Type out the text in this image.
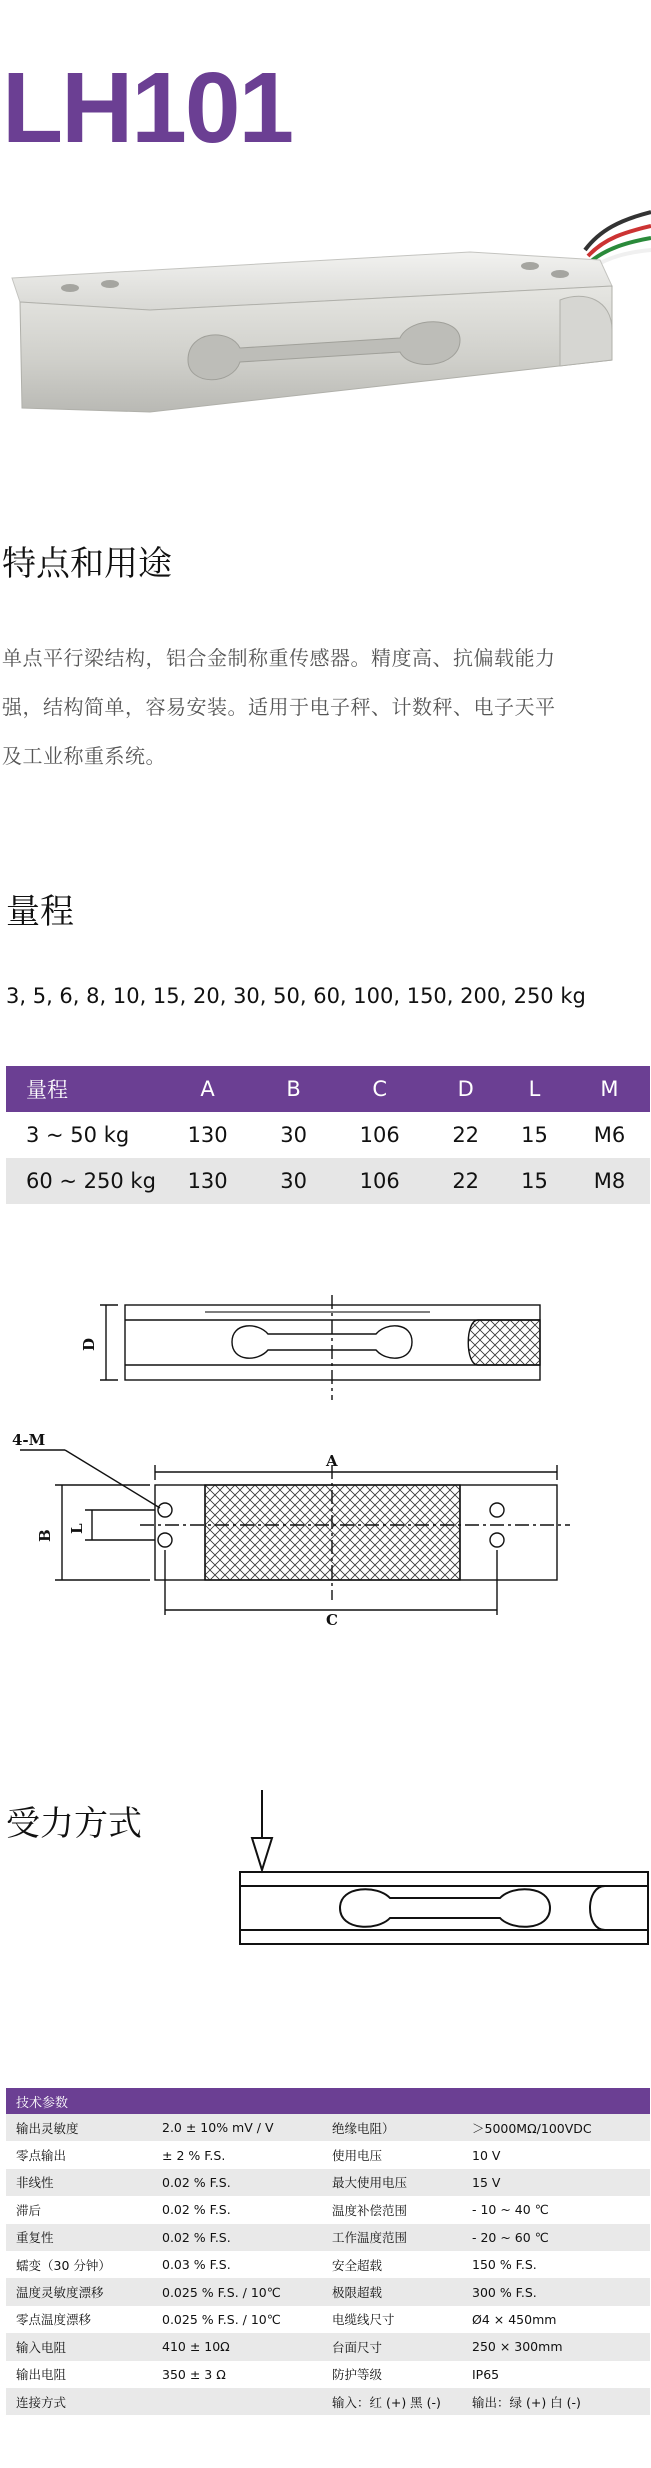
LH101
特点和用途
单点平行梁结构，铝合金制称重传感器。精度高、抗偏载能力
强，结构简单，容易安装。适用于电子秤、计数秤、电子天平
及工业称重系统。
量程
3, 5, 6, 8, 10, 15, 20, 30, 50, 60, 100, 150, 200, 250 kg
量程	A	B	C	D	L	M
3 ~ 50 kg	130	30	106	22	15	M6
60 ~ 250 kg	130	30	106	22	15	M8
D
4-M
A
B
L
C
受力方式
技术参数			
输出灵敏度	2.0 ± 10% mV / V	绝缘电阻）	＞5000MΩ/100VDC
零点输出	± 2 % F.S.	使用电压	10 V
非线性	0.02 % F.S.	最大使用电压	15 V
滞后	0.02 % F.S.	温度补偿范围	- 10 ~ 40 ℃
重复性	0.02 % F.S.	工作温度范围	- 20 ~ 60 ℃
蠕变（30 分钟）	0.03 % F.S.	安全超载	150 % F.S.
温度灵敏度漂移	0.025 % F.S. / 10℃	极限超载	300 % F.S.
零点温度漂移	0.025 % F.S. / 10℃	电缆线尺寸	Ø4 × 450mm
输入电阻	410 ± 10Ω	台面尺寸	250 × 300mm
输出电阻	350 ± 3 Ω	防护等级	IP65
连接方式		输入：红 (+) 黑 (-)	输出：绿 (+) 白 (-)
